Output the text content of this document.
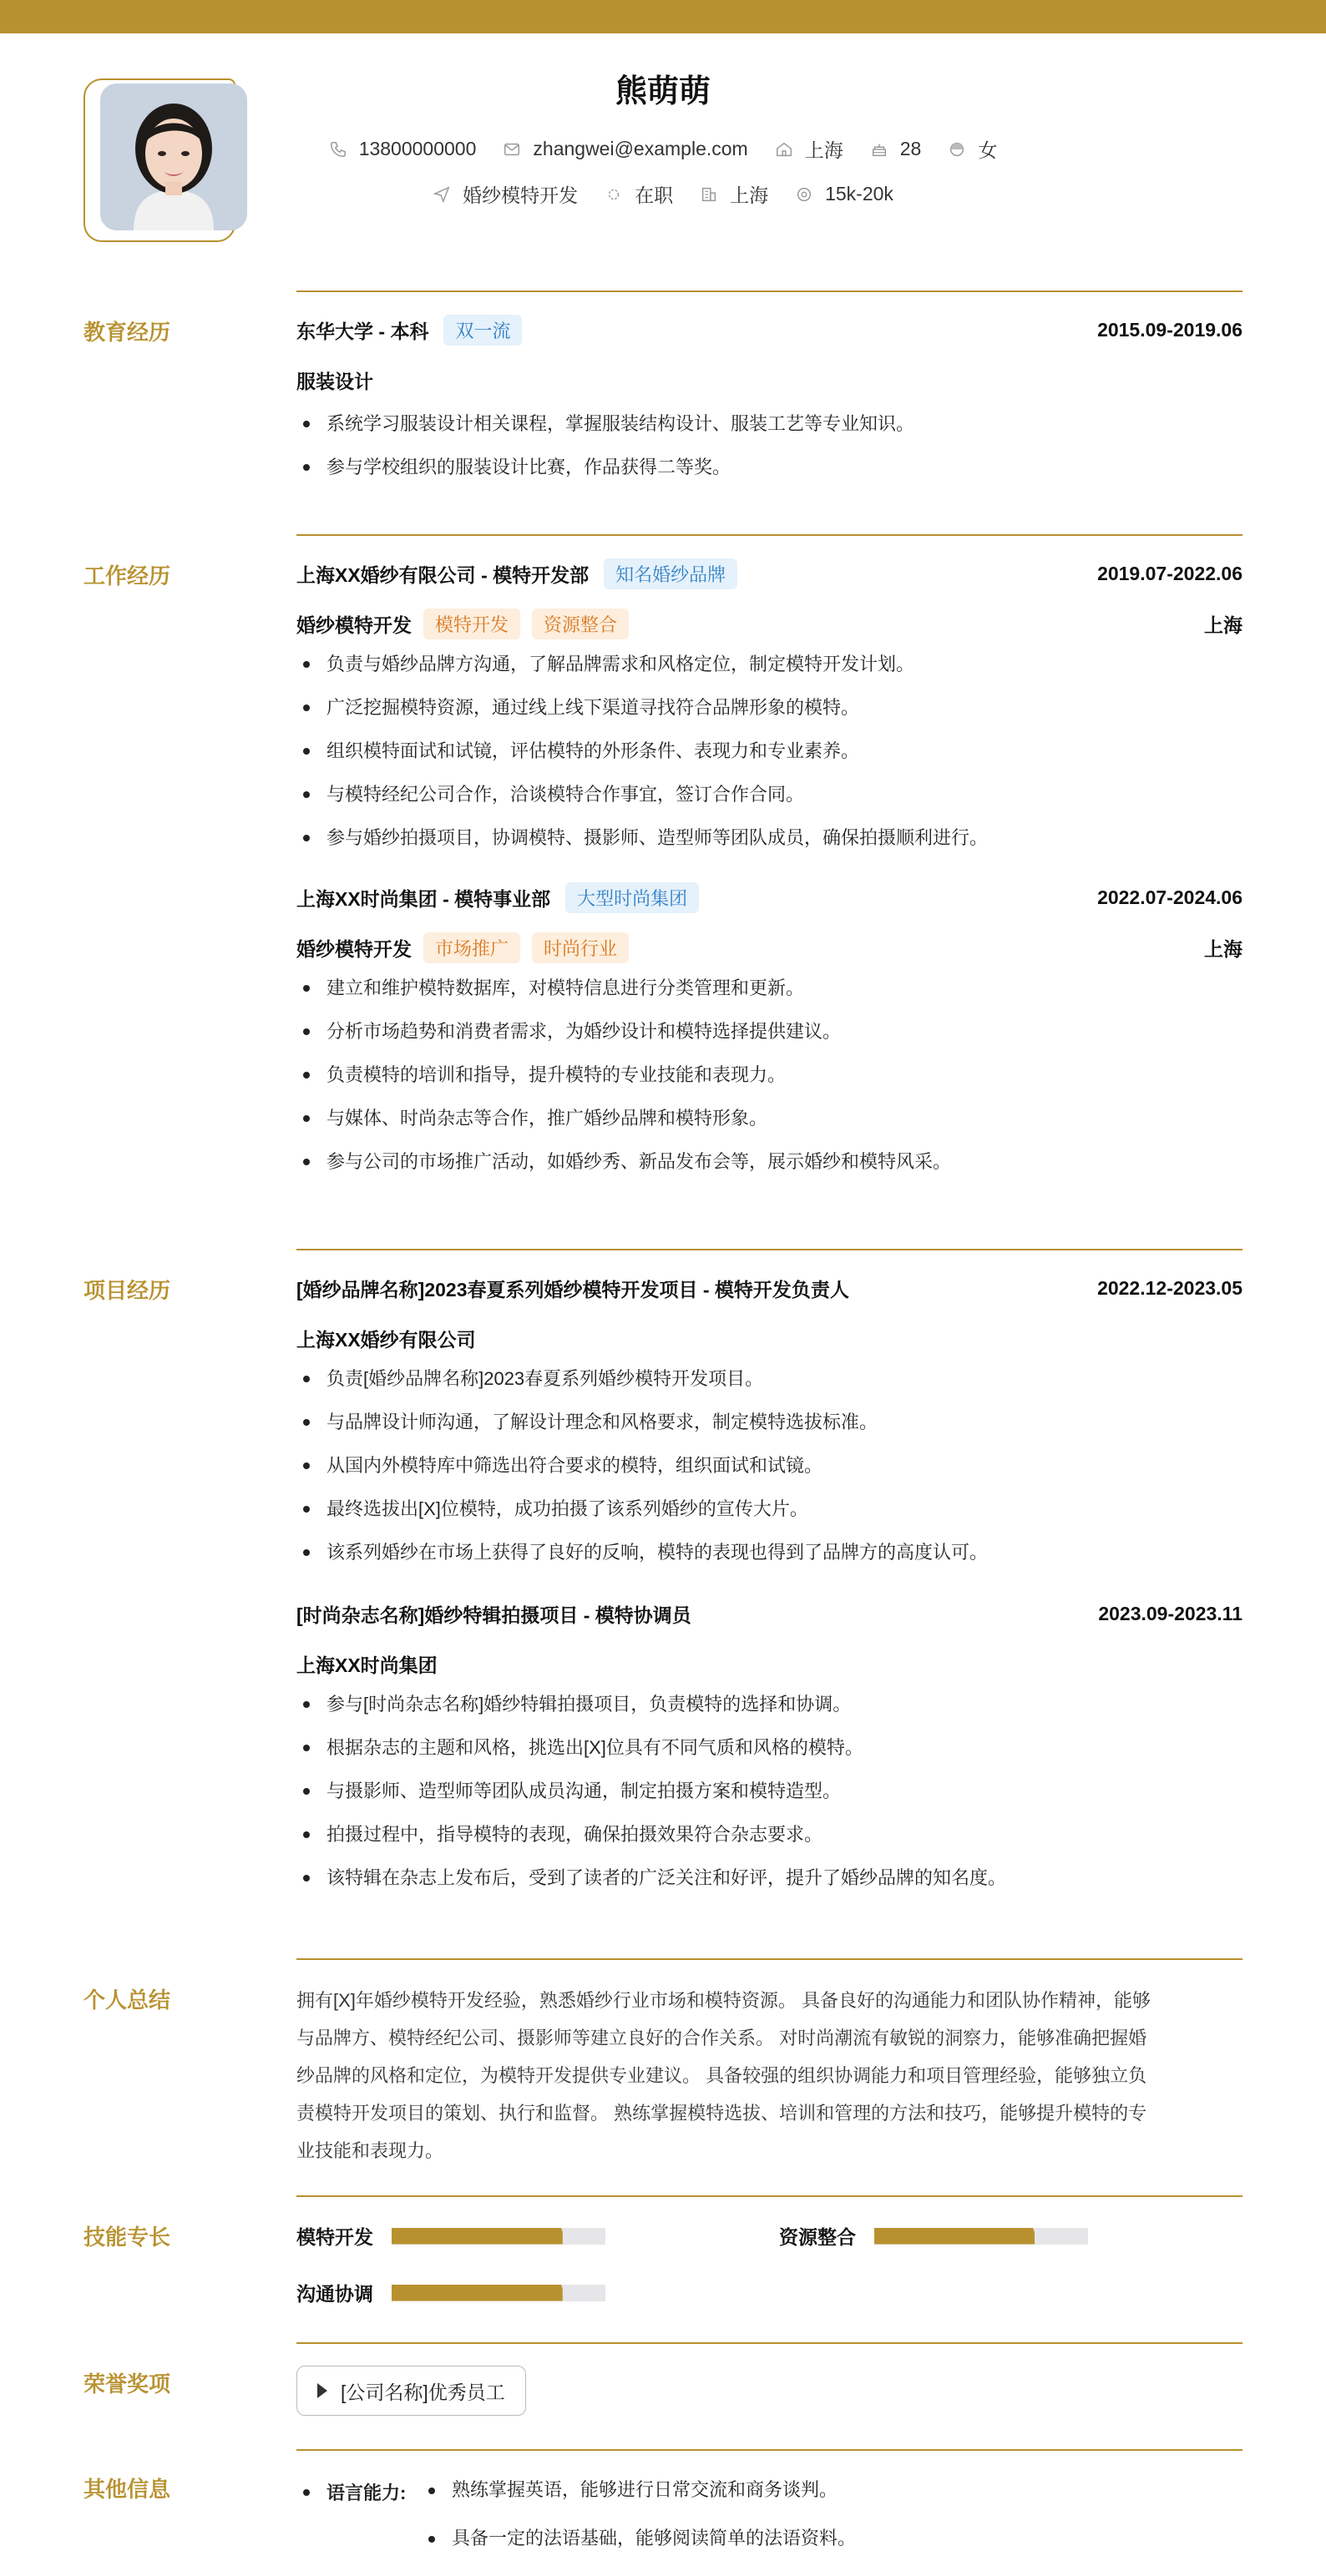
熊萌萌
13800000000	zhangwei@example.com	上海	28	女
婚纱模特开发	在职	上海	15k-20k
教育经历	东华大学 - 本科	双一流	2015.09-2019.06
服装设计
系统学习服装设计相关课程，掌握服装结构设计、服装工艺等专业知识。
参与学校组织的服装设计比赛，作品获得二等奖。
工作经历	上海XX婚纱有限公司 - 模特开发部	知名婚纱品牌	2019.07-2022.06
婚纱模特开发	模特开发	资源整合	上海
负责与婚纱品牌方沟通，了解品牌需求和风格定位，制定模特开发计划。
广泛挖掘模特资源，通过线上线下渠道寻找符合品牌形象的模特。
组织模特面试和试镜，评估模特的外形条件、表现力和专业素养。
与模特经纪公司合作，洽谈模特合作事宜，签订合作合同。
参与婚纱拍摄项目，协调模特、摄影师、造型师等团队成员，确保拍摄顺利进行。
上海XX时尚集团 - 模特事业部	大型时尚集团	2022.07-2024.06
婚纱模特开发	市场推广	时尚行业	上海
建立和维护模特数据库，对模特信息进行分类管理和更新。
分析市场趋势和消费者需求，为婚纱设计和模特选择提供建议。
负责模特的培训和指导，提升模特的专业技能和表现力。
与媒体、时尚杂志等合作，推广婚纱品牌和模特形象。
参与公司的市场推广活动，如婚纱秀、新品发布会等，展示婚纱和模特风采。
项目经历	[婚纱品牌名称]2023春夏系列婚纱模特开发项目 - 模特开发负责人	2022.12-2023.05
上海XX婚纱有限公司
负责[婚纱品牌名称]2023春夏系列婚纱模特开发项目。
与品牌设计师沟通，了解设计理念和风格要求，制定模特选拔标准。
从国内外模特库中筛选出符合要求的模特，组织面试和试镜。
最终选拔出[X]位模特，成功拍摄了该系列婚纱的宣传大片。
该系列婚纱在市场上获得了良好的反响，模特的表现也得到了品牌方的高度认可。
[时尚杂志名称]婚纱特辑拍摄项目 - 模特协调员	2023.09-2023.11
上海XX时尚集团
参与[时尚杂志名称]婚纱特辑拍摄项目，负责模特的选择和协调。
根据杂志的主题和风格，挑选出[X]位具有不同气质和风格的模特。
与摄影师、造型师等团队成员沟通，制定拍摄方案和模特造型。
拍摄过程中，指导模特的表现，确保拍摄效果符合杂志要求。
该特辑在杂志上发布后，受到了读者的广泛关注和好评，提升了婚纱品牌的知名度。
个人总结	拥有[X]年婚纱模特开发经验，熟悉婚纱行业市场和模特资源。 具备良好的沟通能力和团队协作精神，能够
与品牌方、模特经纪公司、摄影师等建立良好的合作关系。 对时尚潮流有敏锐的洞察力，能够准确把握婚
纱品牌的风格和定位，为模特开发提供专业建议。 具备较强的组织协调能力和项目管理经验，能够独立负
责模特开发项目的策划、执行和监督。 熟练掌握模特选拔、培训和管理的方法和技巧，能够提升模特的专
业技能和表现力。
技能专长	模特开发	资源整合
沟通协调
荣誉奖项	[公司名称]优秀员工
其他信息	语言能力:	熟练掌握英语，能够进行日常交流和商务谈判。
具备一定的法语基础，能够阅读简单的法语资料。
